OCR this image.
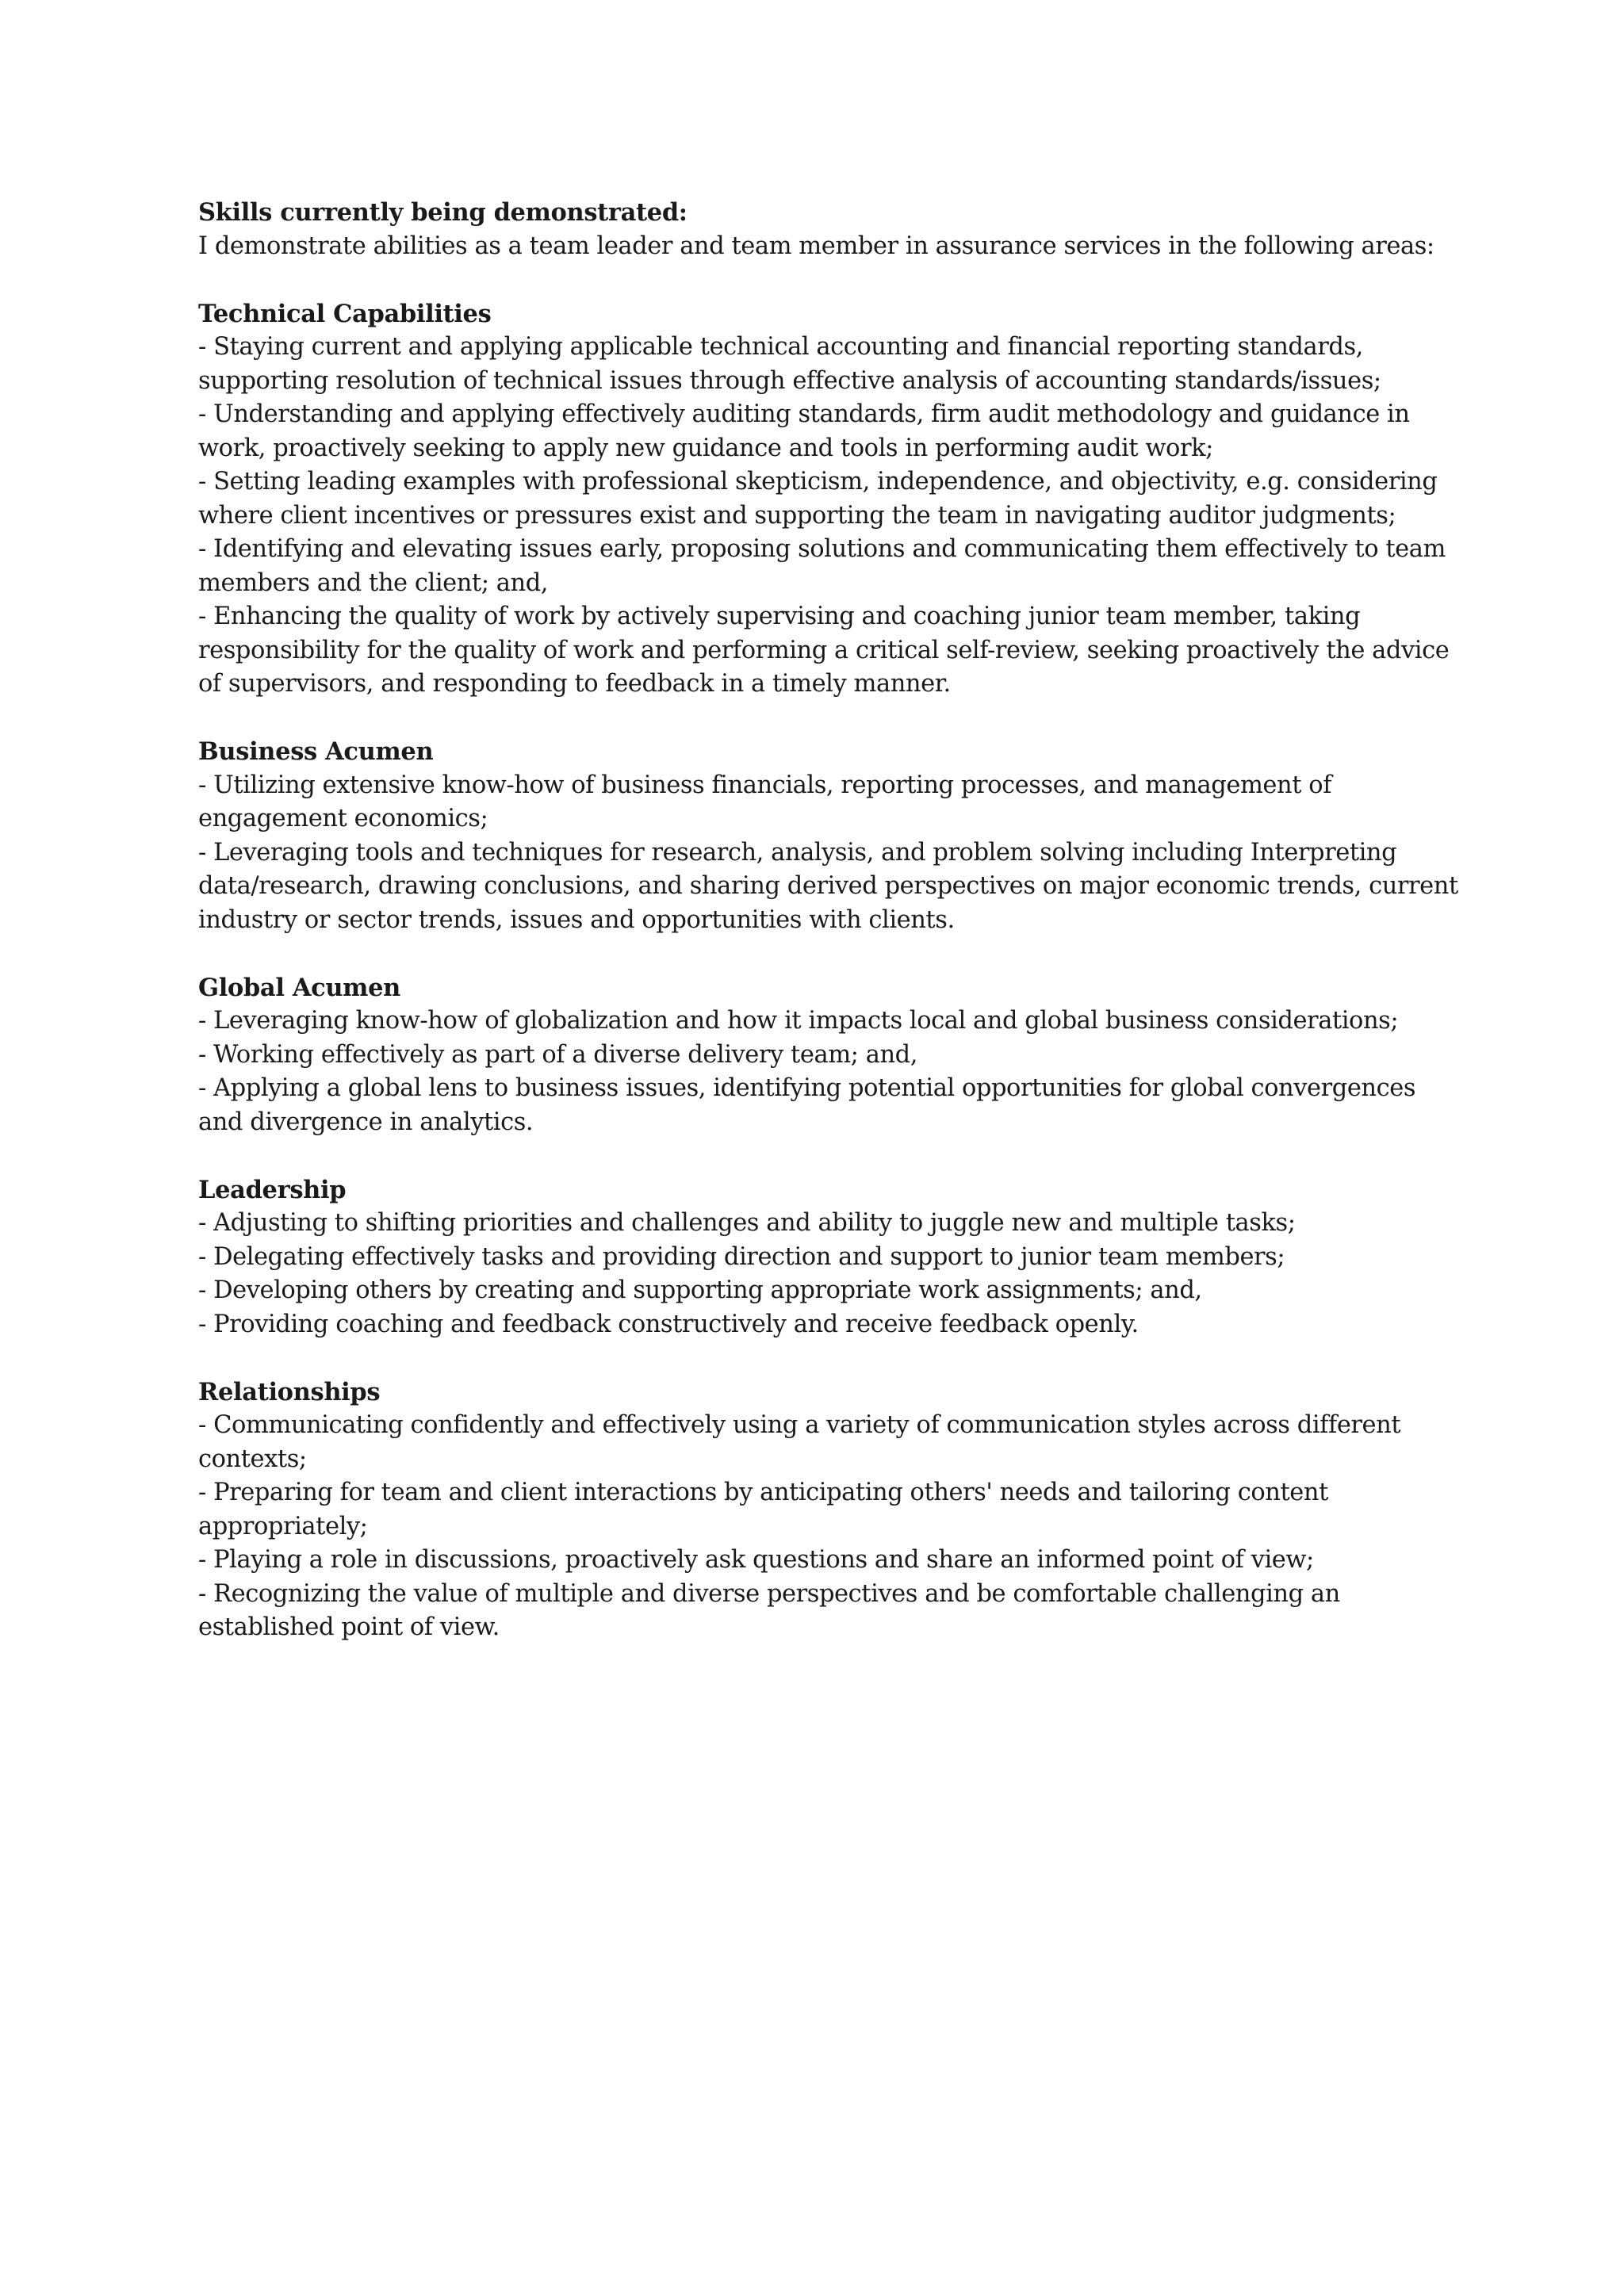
Skills currently being demonstrated:

I demonstrate abilities as a team leader and team member in assurance services in the following areas:

Technical Capabilities

- Staying current and applying applicable technical accounting and financial reporting standards, supporting resolution of technical issues through effective analysis of accounting standards/issues;
- Understanding and applying effectively auditing standards, firm audit methodology and guidance in work, proactively seeking to apply new guidance and tools in performing audit work;
- Setting leading examples with professional skepticism, independence, and objectivity, e.g. considering where client incentives or pressures exist and supporting the team in navigating auditor judgments;
- Identifying and elevating issues early, proposing solutions and communicating them effectively to team members and the client; and,
- Enhancing the quality of work by actively supervising and coaching junior team member, taking responsibility for the quality of work and performing a critical self-review, seeking proactively the advice of supervisors, and responding to feedback in a timely manner.

Business Acumen

- Utilizing extensive know-how of business financials, reporting processes, and management of engagement economics;
- Leveraging tools and techniques for research, analysis, and problem solving including Interpreting data/research, drawing conclusions, and sharing derived perspectives on major economic trends, current industry or sector trends, issues and opportunities with clients.

Global Acumen

- Leveraging know-how of globalization and how it impacts local and global business considerations;
- Working effectively as part of a diverse delivery team; and,
- Applying a global lens to business issues, identifying potential opportunities for global convergences and divergence in analytics.

Leadership

- Adjusting to shifting priorities and challenges and ability to juggle new and multiple tasks;
- Delegating effectively tasks and providing direction and support to junior team members;
- Developing others by creating and supporting appropriate work assignments; and,
- Providing coaching and feedback constructively and receive feedback openly.

Relationships

- Communicating confidently and effectively using a variety of communication styles across different contexts;
- Preparing for team and client interactions by anticipating others' needs and tailoring content appropriately;
- Playing a role in discussions, proactively ask questions and share an informed point of view;
- Recognizing the value of multiple and diverse perspectives and be comfortable challenging an established point of view.
